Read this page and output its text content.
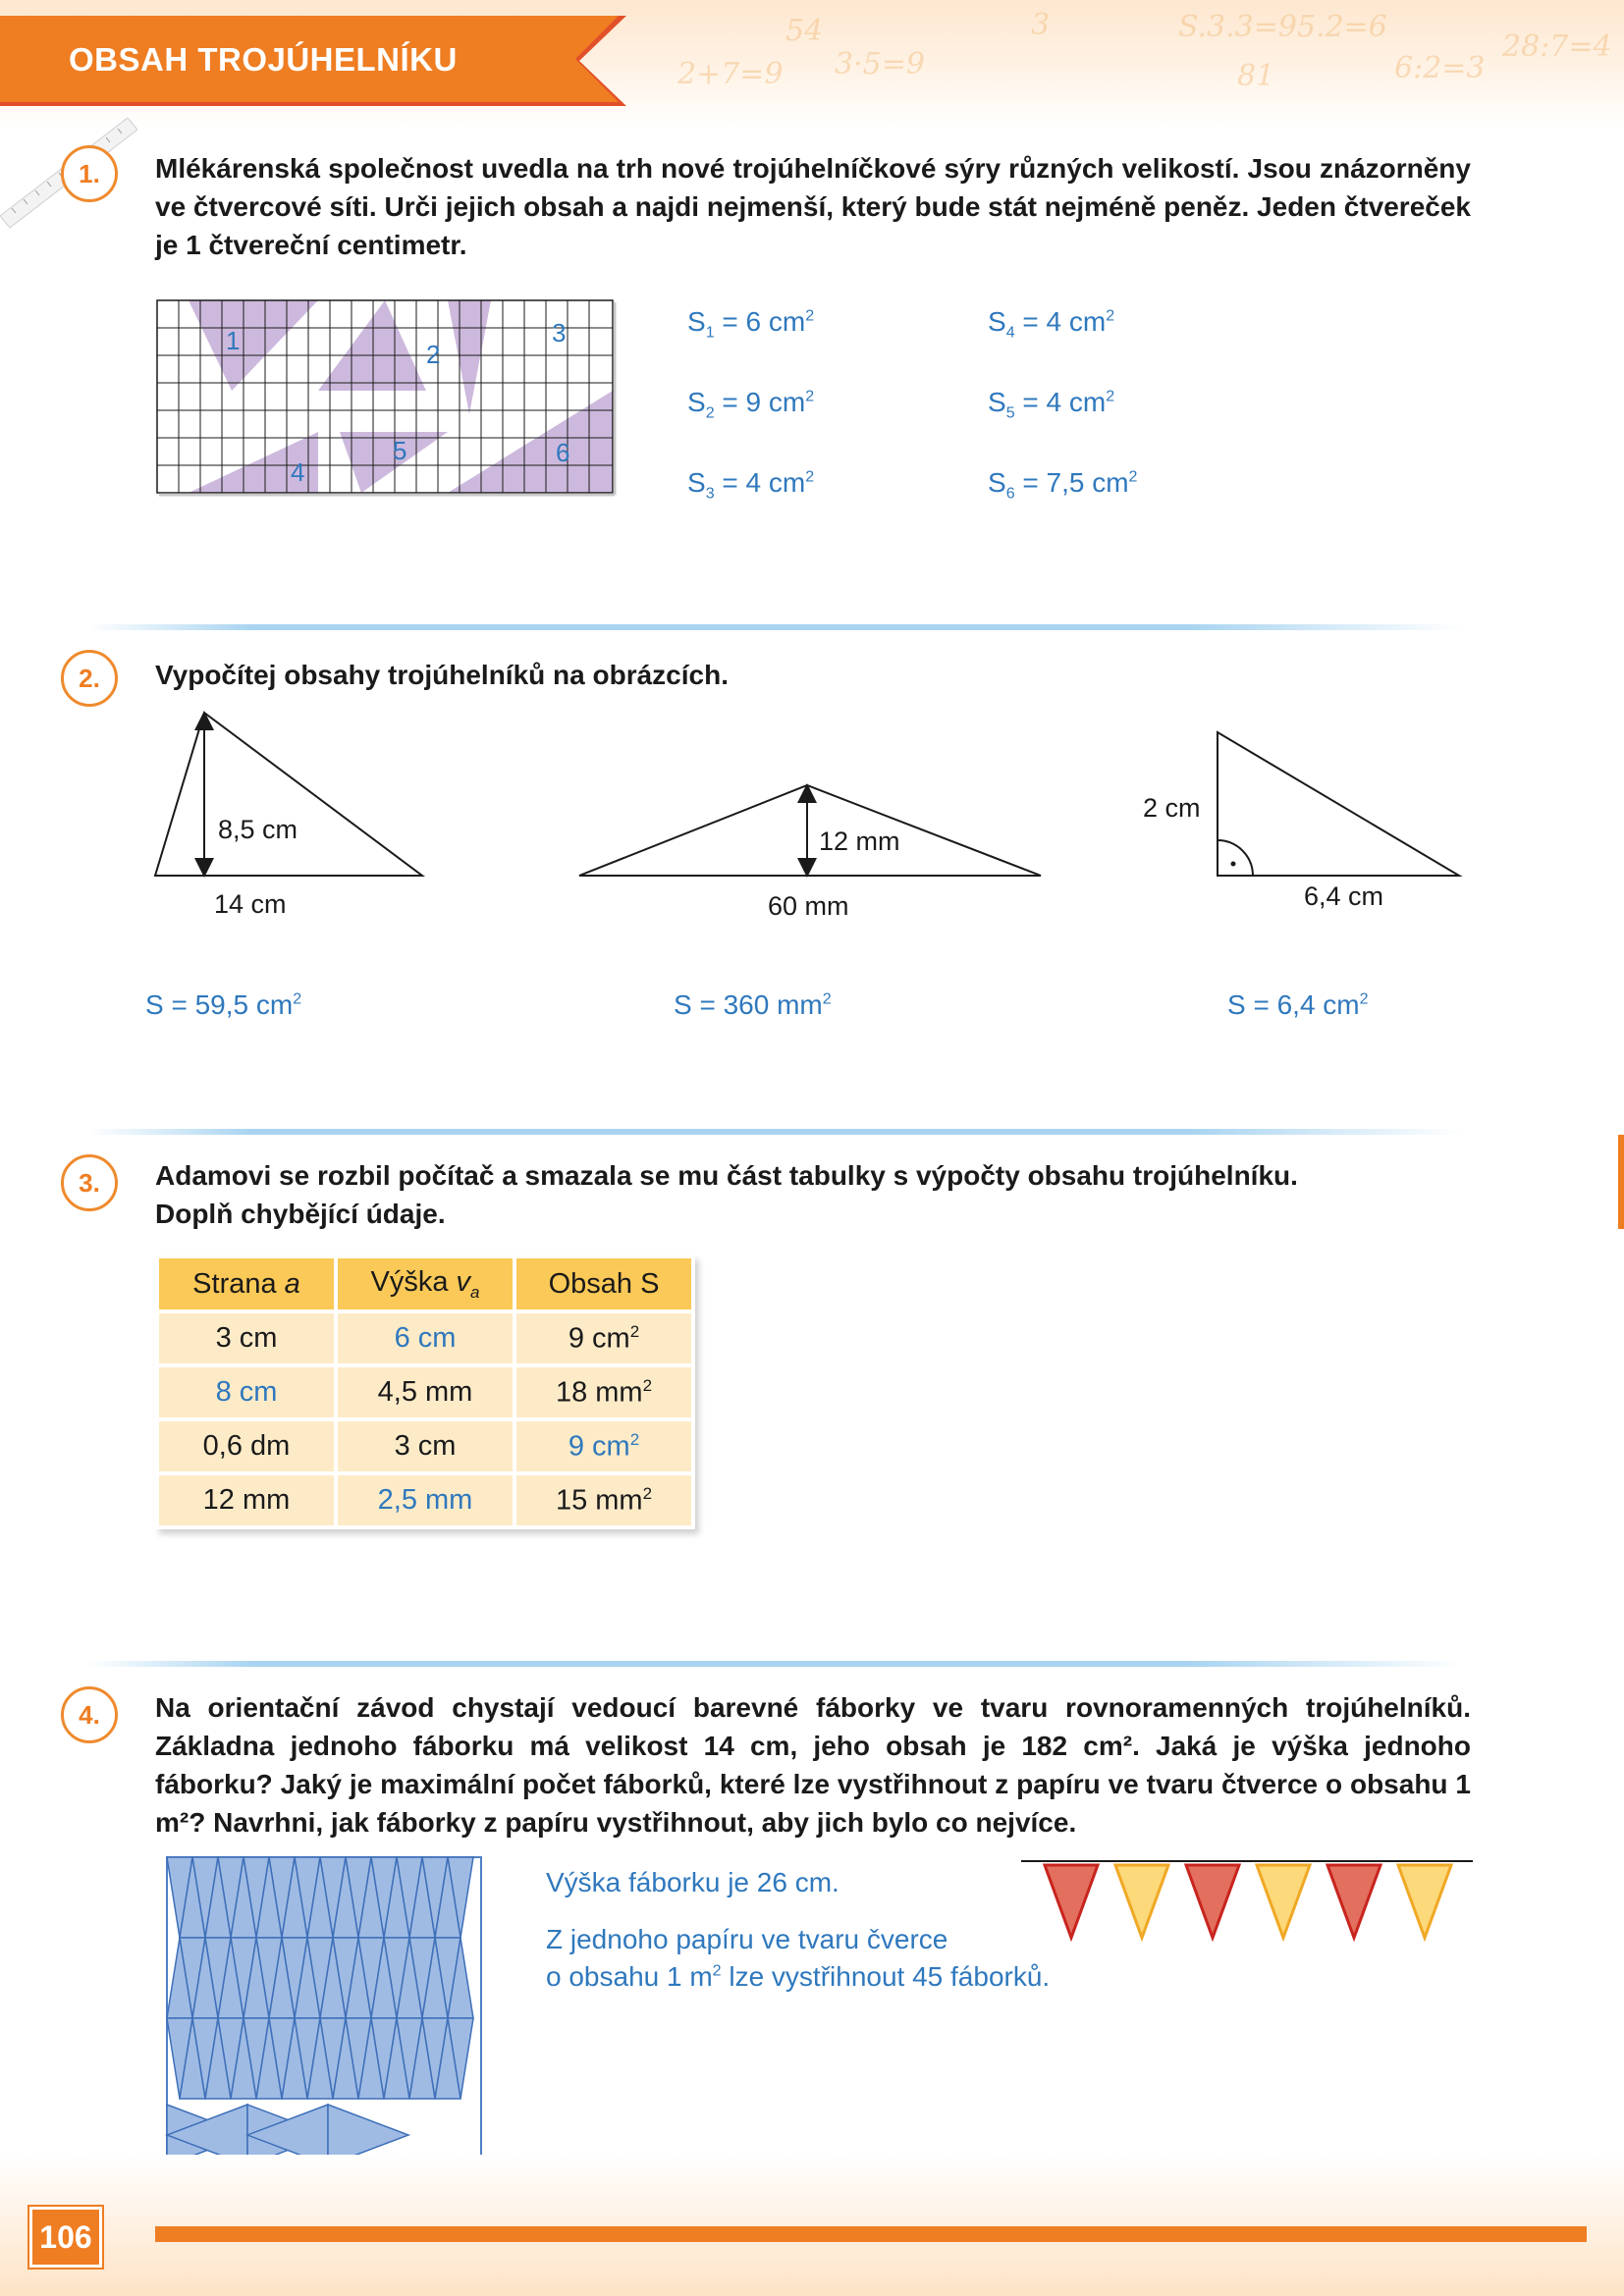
3·5=9
S.3.3=95.2=6
6:2=3
28:7=4
2+7=9
54
81
3
OBSAH TROJÚHELNÍKU
1.	Mlékárenská společnost uvedla na trh nové trojúhelníčkové sýry různých velikostí. Jsou znázorněny ve čtvercové síti. Urči jejich obsah a najdi nejmenší, který bude stát nejméně peněz. Jeden čtvereček je 1 čtvereční centimetr.
1	2
3
4
5	6
$S_1 = 6$ $cm^2$
$S_2 = 9$ $cm^2$
$S_3 = 4$ $cm^2$
$S_4 = 4$ $cm^2$
$S_5 = 4$ $cm^2$
$S_6 = 7,5$ $cm^2$
2.	Vypočítej obsahy trojúhelníků na obrázcích.
8,5 cm
14 cm
12 mm
60 mm
2 cm
6,4 cm
S = 59,5 $cm^2$	S = 360 $mm^2$	S = 6,4 $cm^2$
3.	Adamovi se rozbil počítač a smazala se mu část tabulky s výpočty obsahu trojúhelníku.
Doplň chybějící údaje.
Strana a	Výška $v_a$	Obsah S
3 cm	6 cm	9 $cm^2$
8 cm	4,5 mm	18 $mm^2$
0,6 dm	3 cm	9 $cm^2$
12 mm	2,5 mm	15 $mm^2$
4.	Na orientační závod chystají vedoucí barevné fáborky ve tvaru rovnoramenných trojúhelníků. Základna jednoho fáborku má velikost 14 cm, jeho obsah je 182 cm². Jaká je výška jednoho fáborku? Jaký je maximální počet fáborků, které lze vystřihnout z papíru ve tvaru čtverce o obsahu 1 m²? Navrhni, jak fáborky z papíru vystřihnout, aby jich bylo co nejvíce.
Výška fáborku je 26 cm.
Z jednoho papíru ve tvaru čverce
o obsahu 1 $m^2$ lze vystřihnout 45 fáborků.
106
